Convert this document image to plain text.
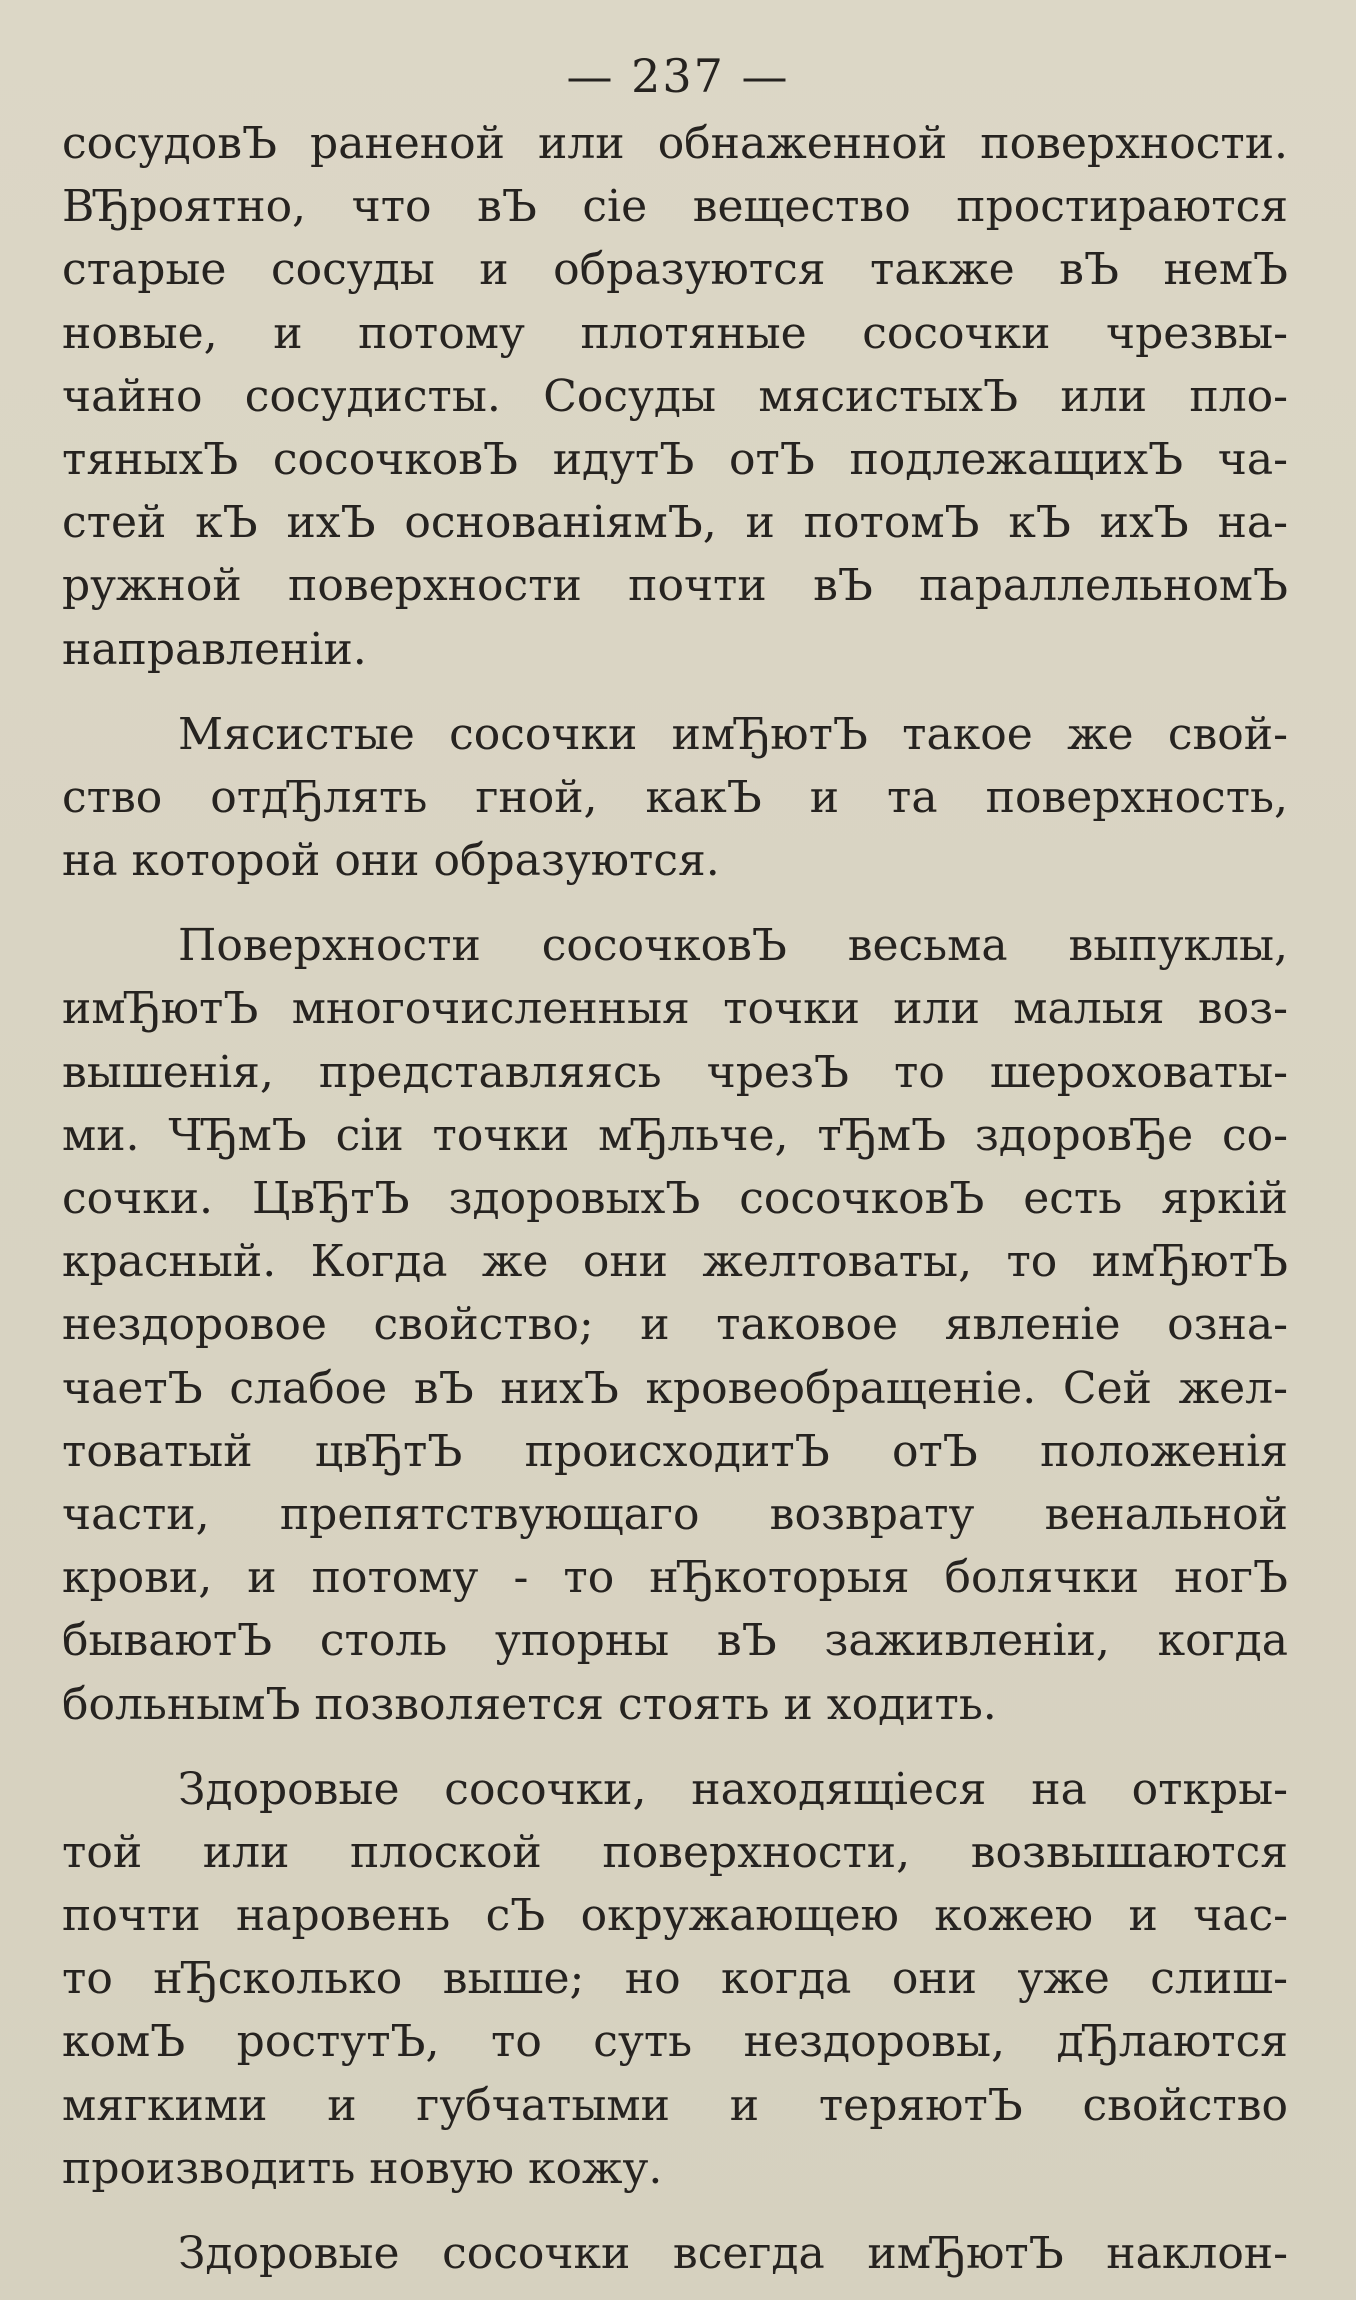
— 237 —
сосудовЪ раненой или обнаженной поверхности.
ВЂроятно, что вЪ сіе вещество простираются
старые сосуды и образуются также вЪ немЪ
новые, и потому плотяные сосочки чрезвы-
чайно сосудисты. Сосуды мясистыхЪ или пло-
тяныхЪ сосочковЪ идутЪ отЪ подлежащихЪ ча-
стей кЪ ихЪ основаніямЪ, и потомЪ кЪ ихЪ на-
ружной поверхности почти вЪ параллельномЪ
направленіи.
Мясистые сосочки имЂютЪ такое же свой-
ство отдЂлять гной, какЪ и та поверхность,
на которой они образуются.
Поверхности сосочковЪ весьма выпуклы,
имЂютЪ многочисленныя точки или малыя воз-
вышенія, представляясь чрезЪ то шероховаты-
ми. ЧЂмЪ сіи точки мЂльче, тЂмЪ здоровЂе со-
сочки. ЦвЂтЪ здоровыхЪ сосочковЪ есть яркій
красный. Когда же они желтоваты, то имЂютЪ
нездоровое свойство; и таковое явленіе озна-
чаетЪ слабое вЪ нихЪ кровеобращеніе. Сей жел-
товатый цвЂтЪ происходитЪ отЪ положенія
части, препятствующаго возврату венальной
крови, и потому - то нЂкоторыя болячки ногЪ
бываютЪ столь упорны вЪ заживленіи, когда
больнымЪ позволяется стоять и ходить.
Здоровые сосочки, находящіеся на откры-
той или плоской поверхности, возвышаются
почти наровень сЪ окружающею кожею и час-
то нЂсколько выше; но когда они уже слиш-
комЪ ростутЪ, то суть нездоровы, дЂлаются
мягкими и губчатыми и теряютЪ свойство
производить новую кожу.
Здоровые сосочки всегда имЂютЪ наклон-
